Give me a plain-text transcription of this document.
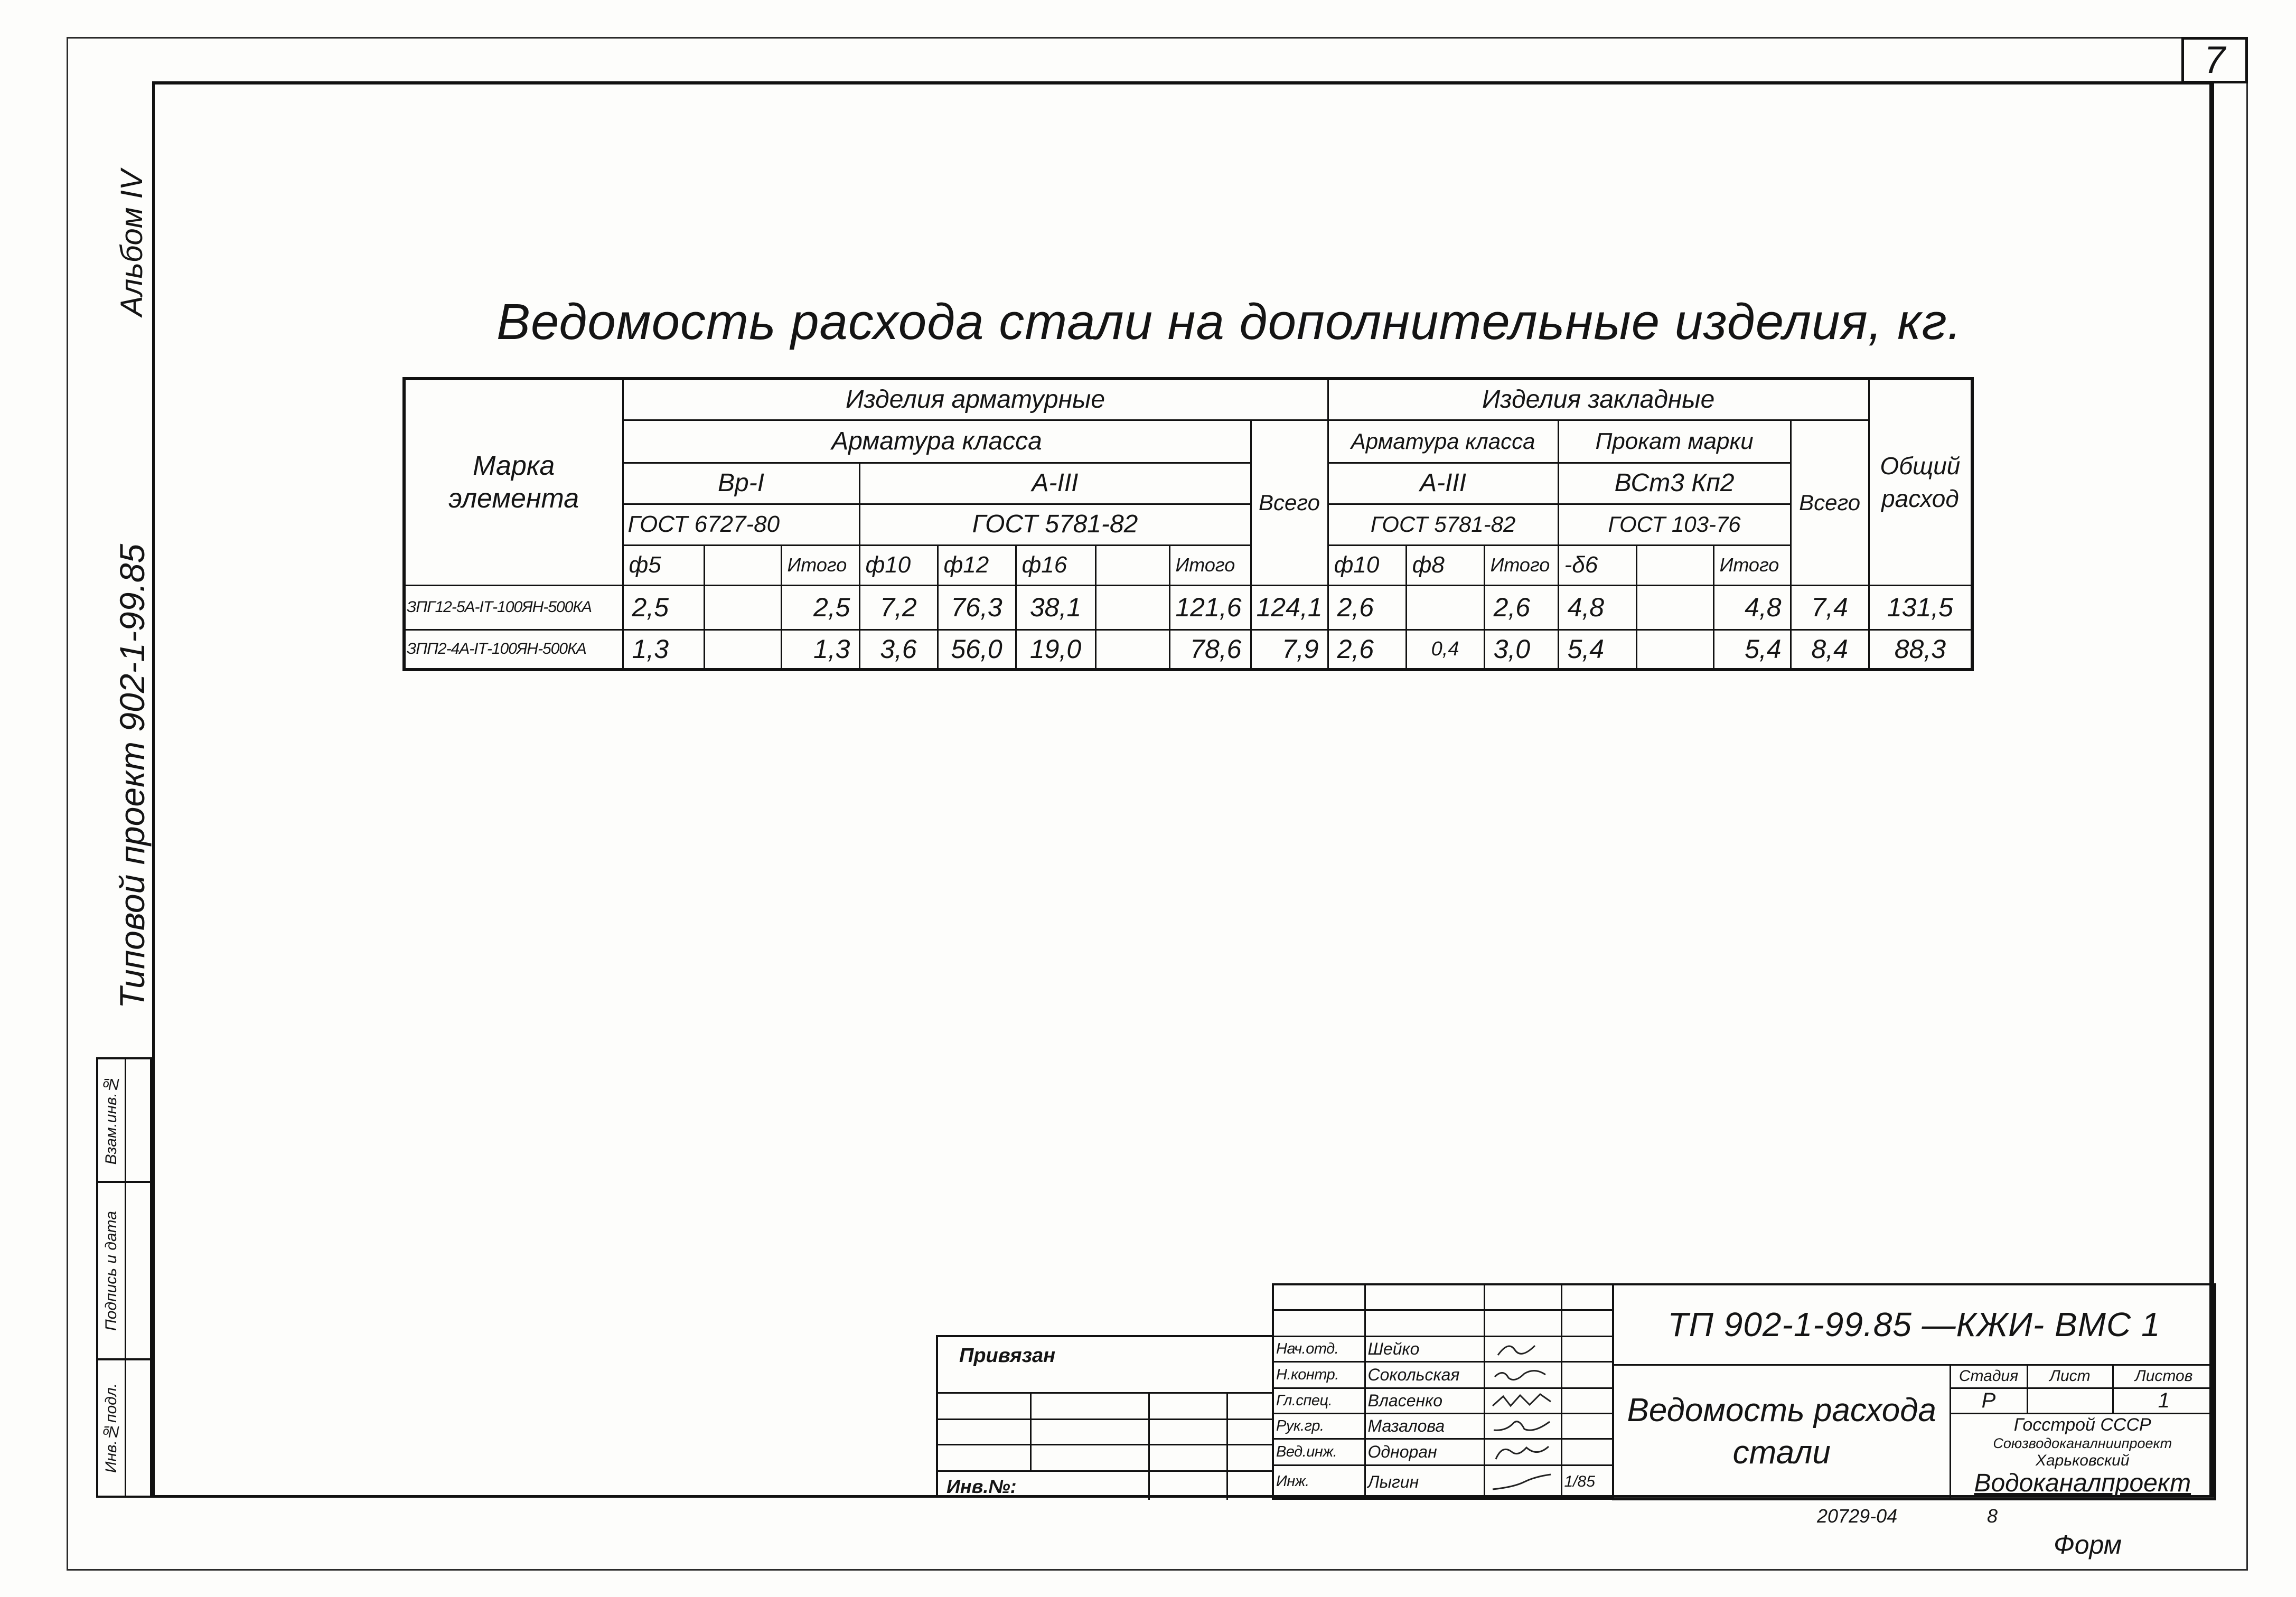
7
Альбом IV
Типовой проект 902-1-99.85
Взам.инв.№
Подпись и дата
Инв.№подл.
Ведомость расхода стали на дополнительные изделия, кг.
Марка элемента	Изделия арматурные									Изделия закладные							Общий расход
	Арматура класса								Всего	Арматура класса			Прокат марки			Всего	
	Вр-I			А-III						А-III			ВСт3 Кп2				
	ГОСТ 6727-80			ГОСТ 5781-82						ГОСТ 5781-82			ГОСТ 103-76				
	ф5		Итого	ф10	ф12	ф16		Итого		ф10	ф8	Итого	-δ6		Итого		
ЗПГ12-5А-IТ-100ЯН-500КА	2,5		2,5	7,2	76,3	38,1		121,6	124,1	2,6		2,6	4,8		4,8	7,4	131,5
ЗПП2-4А-IТ-100ЯН-500КА	1,3		1,3	3,6	56,0	19,0		78,6	7,9	2,6	0,4	3,0	5,4		5,4	8,4	88,3
Привязан
Инв.№:

Нач.отд.	Шейко	

Н.контр.	Сокольская	

Гл.спец.	Власенко	

Рук.гр.	Мазалова	

Вед.инж.	Одноран	

Инж.	Лыгин		1/85
ТП 902-1-99.85 —КЖИ- ВМС 1			
Ведомость расхода стали	Стадия	Лист	Листов
	Р		1

	Госстрой СССР
Союзводоканалниипроект
Харьковский
Водоканалпроект		
20729-04	8
Форм
